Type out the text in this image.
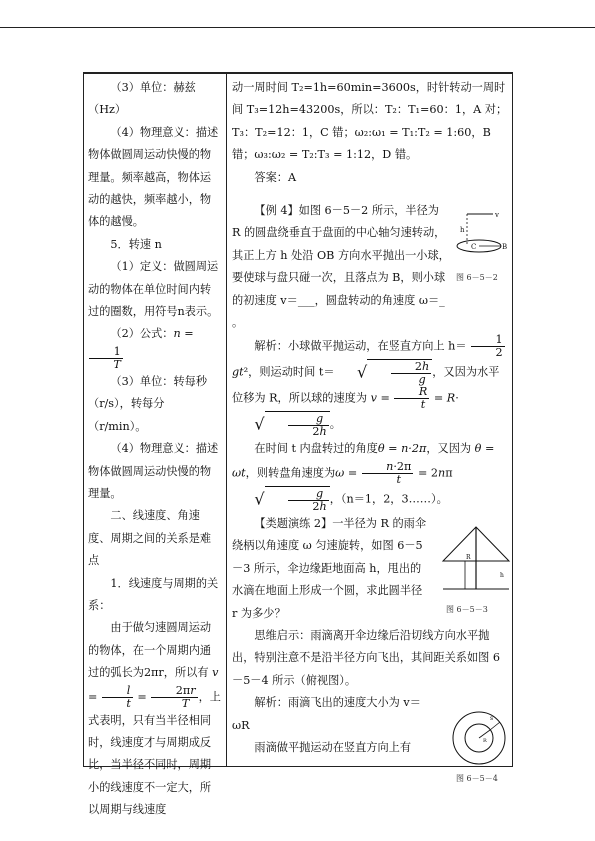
（3）单位：赫兹（Hz）

（4）物理意义：描述物体做圆周运动快慢的物理量。频率越高，物体运动的越快，频率越小，物体的越慢。

5．转速 n

（1）定义：做圆周运动的物体在单位时间内转过的圈数，用符号n表示。

（2）公式：n =
$\frac{1}{T}$

（3）单位：转每秒（r/s），转每分（r/min）。

（4）物理意义：描述物体做圆周运动快慢的物理量。

二、线速度、角速度、周期之间的关系是难点

1．线速度与周期的关系：

由于做匀速圆周运动的物体，在一个周期内通过的弧长为2πr，所以有 $v = \frac{l}{t} = \frac{2\pi r}{T}$ ，上式表明，只有当半径相同时，线速度才与周期成反比，当半径不同时，周期小的线速度不一定大，所以周期与线速度

动一周时间 T₂=1h=60min=3600s，时针转动一周时间 T₃=12h=43200s，所以：T₂：T₁=60：1，A 对；T₃：T₂=12：1，C 错；ω₂:ω₁ = T₁:T₂ = 1:60，B 错；ω₃:ω₂ = T₂:T₃ = 1:12，D 错。

答案：A

【例 4】如图 6－5－2 所示，半径为 R 的圆盘绕垂直于盘面的中心轴匀速转动，其正上方 h 处沿 OB 方向水平抛出一小球，要使球与盘只碰一次，且落点为 B，则小球的初速度 v＝___，圆盘转动的角速度 ω＝_ 。

解析：小球做平抛运动，在竖直方向上 $h= \frac{1}{2}$
gt²，则运动时间 t＝ √ $\frac{2h}{g}$ ，又因为水平位移为 R，所以球的速度为 $v = \frac{R}{t} = R\cdot√ \frac{g}{2h}$ 。

在时间 t 内盘转过的角度θ = n·2π，又因为 θ = ωt，则转盘角速度为$\omega = \frac{n\cdot 2\pi}{t} = 2n\pi√ \frac{g}{2h}$ ，（n＝1，2，3……）。

【类题演练 2】一半径为 R 的雨伞绕柄以角速度 ω 匀速旋转，如图 6－5－3 所示，伞边缘距地面高 h，甩出的水滴在地面上形成一个圆，求此圆半径 r 为多少？

思维启示：雨滴离开伞边缘后沿切线方向水平抛出，特别注意不是沿半径方向飞出，其间距关系如图 6－5－4 所示（俯视图）。

解析：雨滴飞出的速度大小为 v＝ωR

雨滴做平抛运动在竖直方向上有

v
h
C	B
图 6－5－2
R
h
图 6－5－3
s
R
图 6－5－4
